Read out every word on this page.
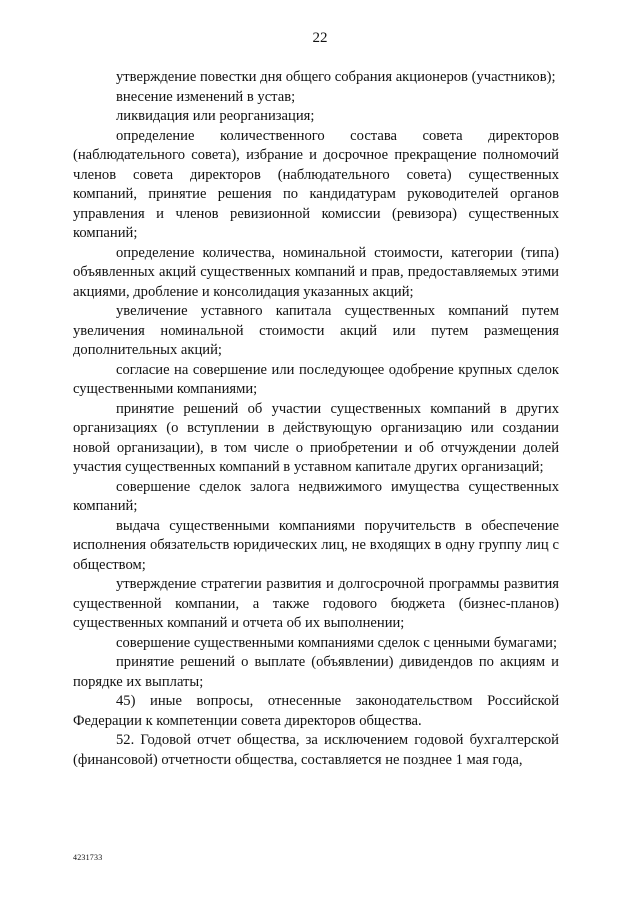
22

утверждение повестки дня общего собрания акционеров (участников);

внесение изменений в устав;

ликвидация или реорганизация;

определение количественного состава совета директоров (наблюдательного совета), избрание и досрочное прекращение полномочий членов совета директоров (наблюдательного совета) существенных компаний, принятие решения по кандидатурам руководителей органов управления и членов ревизионной комиссии (ревизора) существенных компаний;

определение количества, номинальной стоимости, категории (типа) объявленных акций существенных компаний и прав, предоставляемых этими акциями, дробление и консолидация указанных акций;

увеличение уставного капитала существенных компаний путем увеличения номинальной стоимости акций или путем размещения дополнительных акций;

согласие на совершение или последующее одобрение крупных сделок существенными компаниями;

принятие решений об участии существенных компаний в других организациях (о вступлении в действующую организацию или создании новой организации), в том числе о приобретении и об отчуждении долей участия существенных компаний в уставном капитале других организаций;

совершение сделок залога недвижимого имущества существенных компаний;

выдача существенными компаниями поручительств в обеспечение исполнения обязательств юридических лиц, не входящих в одну группу лиц с обществом;

утверждение стратегии развития и долгосрочной программы развития существенной компании, а также годового бюджета (бизнес-планов) существенных компаний и отчета об их выполнении;

совершение существенными компаниями сделок с ценными бумагами;

принятие решений о выплате (объявлении) дивидендов по акциям и порядке их выплаты;

45) иные вопросы, отнесенные законодательством Российской Федерации к компетенции совета директоров общества.

52. Годовой отчет общества, за исключением годовой бухгалтерской (финансовой) отчетности общества, составляется не позднее 1 мая года,

4231733
